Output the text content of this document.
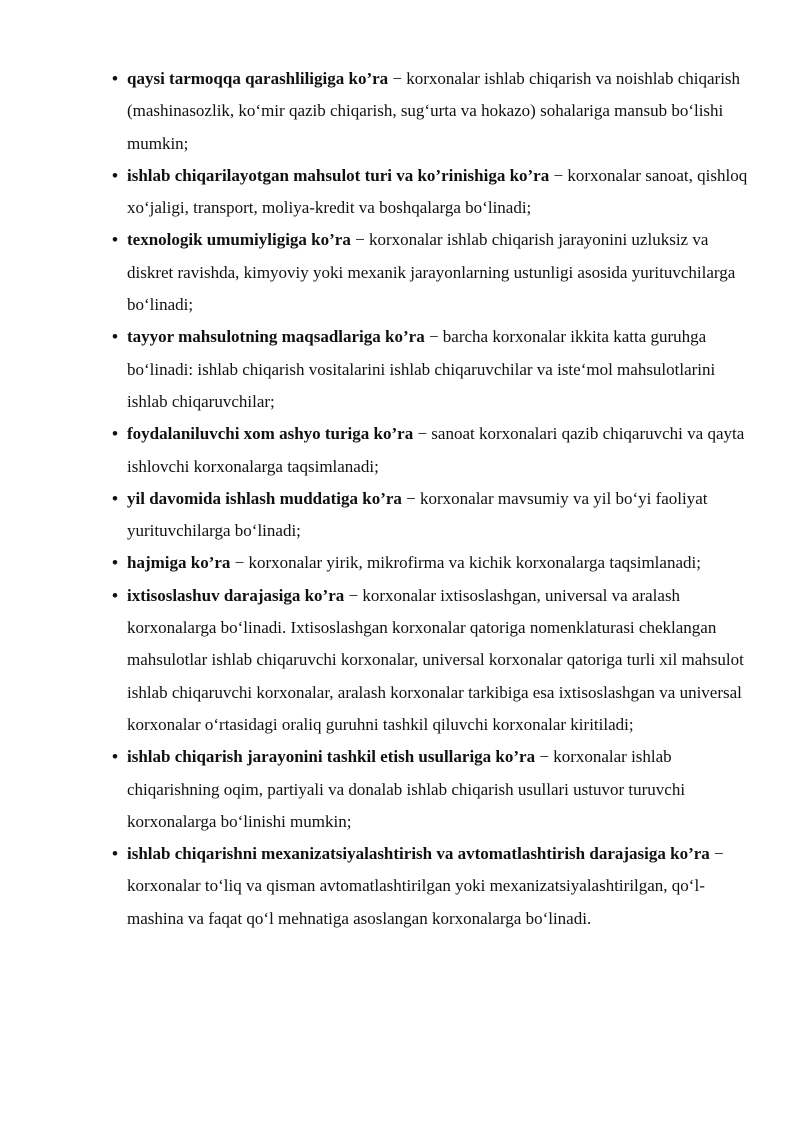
• qaysi tarmoqqa qarashliligiga ko’ra − korxonalar ishlab chiqarish va noishlab chiqarish (mashinasozlik, ko‘mir qazib chiqarish, sug‘urta va hokazo) sohalariga mansub bo‘lishi mumkin;
• ishlab chiqarilayotgan mahsulot turi va ko’rinishiga ko’ra − korxonalar sanoat, qishloq xo‘jaligi, transport, moliya-kredit va boshqalarga bo‘linadi;
• texnologik umumiyligiga ko’ra − korxonalar ishlab chiqarish jarayonini uzluksiz va diskret ravishda, kimyoviy yoki mexanik jarayonlarning ustunligi asosida yurituvchilarga bo‘linadi;
• tayyor mahsulotning maqsadlariga ko’ra − barcha korxonalar ikkita katta guruhga bo‘linadi: ishlab chiqarish vositalarini ishlab chiqaruvchilar va iste‘mol mahsulotlarini ishlab chiqaruvchilar;
• foydalaniluvchi xom ashyo turiga ko’ra − sanoat korxonalari qazib chiqaruvchi va qayta ishlovchi korxonalarga taqsimlanadi;
• yil davomida ishlash muddatiga ko’ra − korxonalar mavsumiy va yil bo‘yi faoliyat yurituvchilarga bo‘linadi;
• hajmiga ko’ra − korxonalar yirik, mikrofirma va kichik korxonalarga taqsimlanadi;
• ixtisoslashuv darajasiga ko’ra − korxonalar ixtisoslashgan, universal va aralash korxonalarga bo‘linadi. Ixtisoslashgan korxonalar qatoriga nomenklaturasi cheklangan mahsulotlar ishlab chiqaruvchi korxonalar, universal korxonalar qatoriga turli xil mahsulot ishlab chiqaruvchi korxonalar, aralash korxonalar tarkibiga esa ixtisoslashgan va universal korxonalar o‘rtasidagi oraliq guruhni tashkil qiluvchi korxonalar kiritiladi;
• ishlab chiqarish jarayonini tashkil etish usullariga ko’ra − korxonalar ishlab chiqarishning oqim, partiyali va donalab ishlab chiqarish usullari ustuvor turuvchi korxonalarga bo‘linishi mumkin;
• ishlab chiqarishni mexanizatsiyalashtirish va avtomatlashtirish darajasiga ko’ra − korxonalar to‘liq va qisman avtomatlashtirilgan yoki mexanizatsiyalashtirilgan, qo‘l-mashina va faqat qo‘l mehnatiga asoslangan korxonalarga bo‘linadi.
